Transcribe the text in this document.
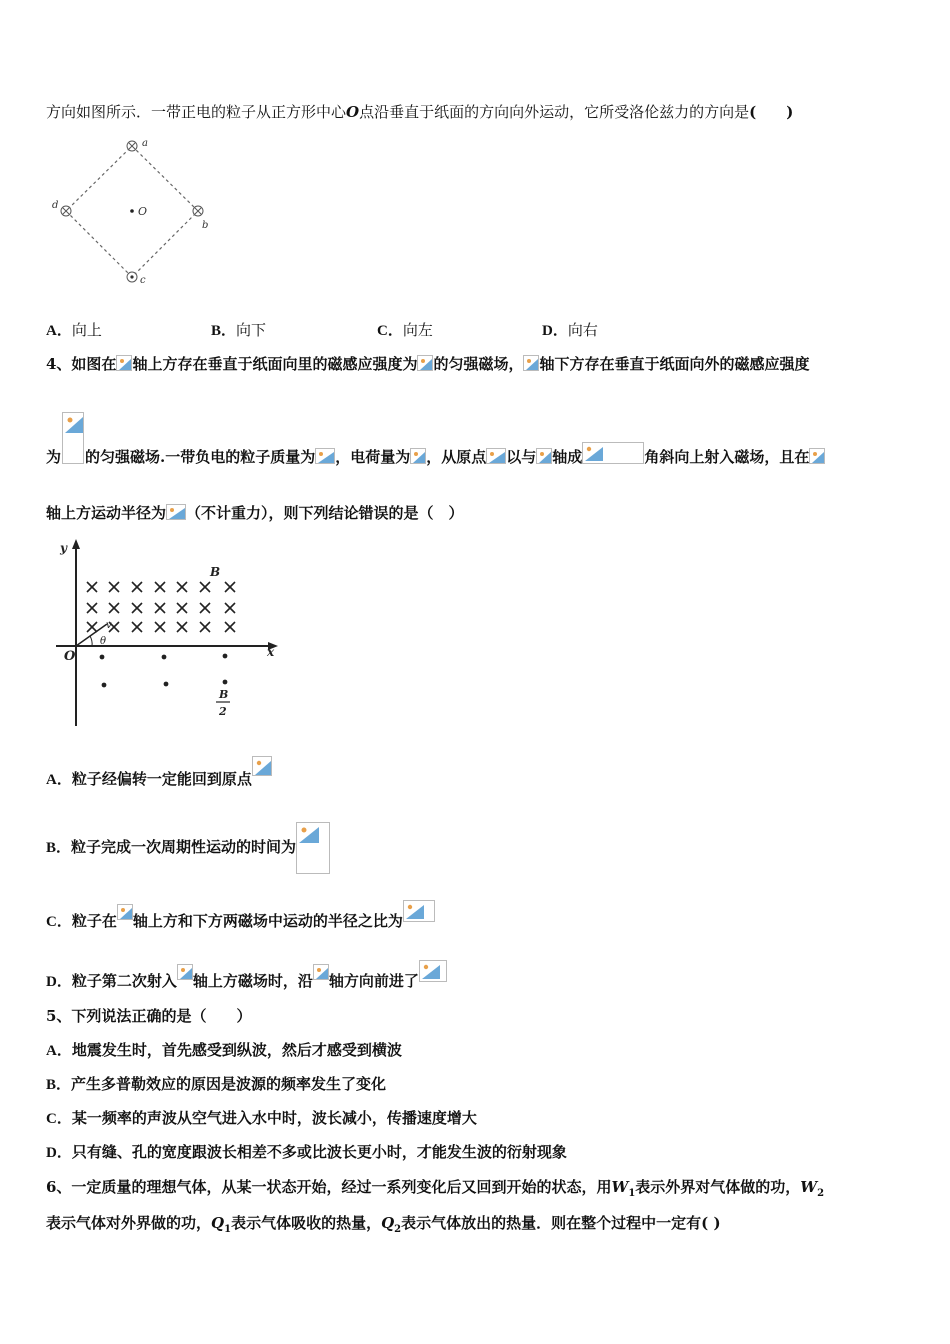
方向如图所示．一带正电的粒子从正方形中心O点沿垂直于纸面的方向向外运动，它所受洛伦兹力的方向是(　　)
a
b
c
d	O
A．向上	B．向下	C．向左	D．向右
4、如图在 轴上方存在垂直于纸面向里的磁感应强度为 的匀强磁场， 轴下方存在垂直于纸面向外的磁感应强度
为 的匀强磁场.一带负电的粒子质量为 ，电荷量为 ，从原点 以与 轴成	角斜向上射入磁场，且在
轴上方运动半径为 （不计重力），则下列结论错误的是（　）
y
x
O
B
v
θ
B
2
A．粒子经偏转一定能回到原点
B．粒子完成一次周期性运动的时间为
C．粒子在 轴上方和下方两磁场中运动的半径之比为
D．粒子第二次射入 轴上方磁场时，沿 轴方向前进了
5、下列说法正确的是（　　）
A．地震发生时，首先感受到纵波，然后才感受到横波
B．产生多普勒效应的原因是波源的频率发生了变化
C．某一频率的声波从空气进入水中时，波长减小，传播速度增大
D．只有缝、孔的宽度跟波长相差不多或比波长更小时，才能发生波的衍射现象
6、一定质量的理想气体，从某一状态开始，经过一系列变化后又回到开始的状态，用$W_1$表示外界对气体做的功，$W_2$
表示气体对外界做的功，$Q_1$表示气体吸收的热量，$Q_2$表示气体放出的热量．则在整个过程中一定有( )
